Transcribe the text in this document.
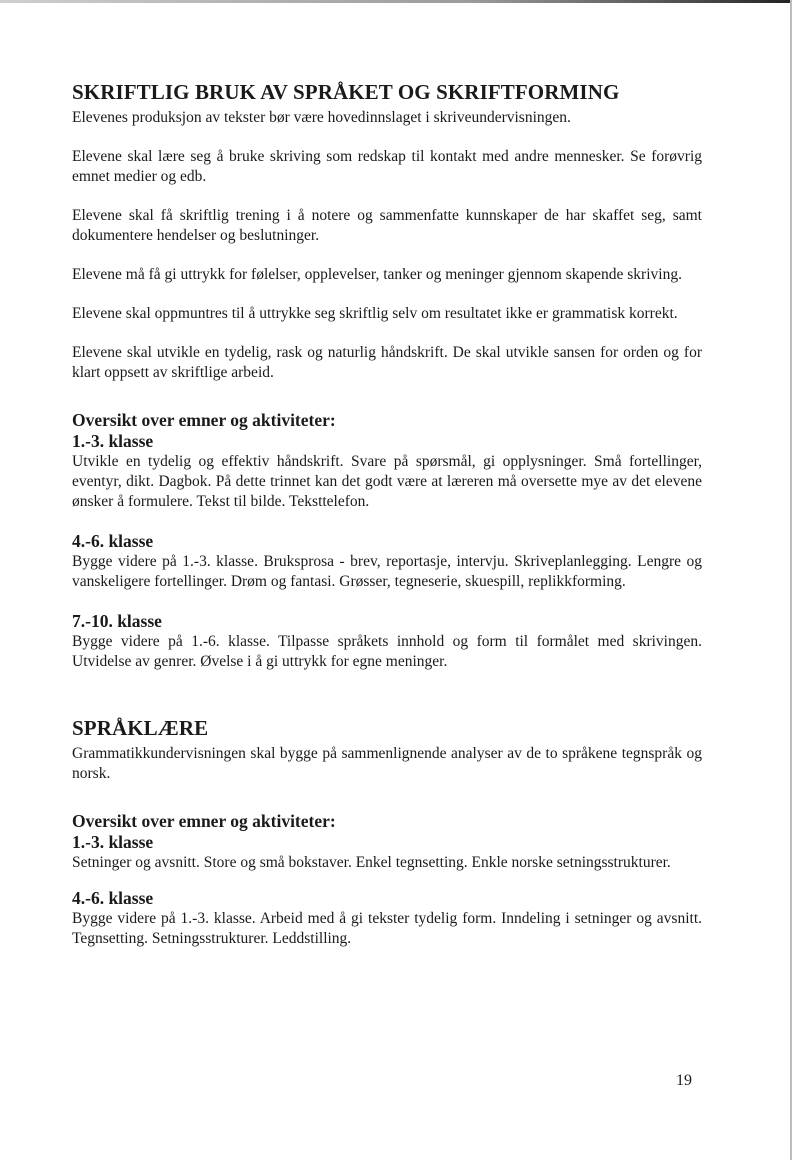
SKRIFTLIG BRUK AV SPRÅKET OG SKRIFTFORMING

Elevenes produksjon av tekster bør være hovedinnslaget i skriveundervisningen.

Elevene skal lære seg å bruke skriving som redskap til kontakt med andre mennesker. Se forøvrig emnet medier og edb.

Elevene skal få skriftlig trening i å notere og sammenfatte kunnskaper de har skaffet seg, samt dokumentere hendelser og beslutninger.

Elevene må få gi uttrykk for følelser, opplevelser, tanker og meninger gjennom skapende skriving.

Elevene skal oppmuntres til å uttrykke seg skriftlig selv om resultatet ikke er grammatisk korrekt.

Elevene skal utvikle en tydelig, rask og naturlig håndskrift. De skal utvikle sansen for orden og for klart oppsett av skriftlige arbeid.

Oversikt over emner og aktiviteter:
1.-3. klasse

Utvikle en tydelig og effektiv håndskrift. Svare på spørsmål, gi opplysninger. Små fortellinger, eventyr, dikt. Dagbok. På dette trinnet kan det godt være at læreren må oversette mye av det elevene ønsker å formulere. Tekst til bilde. Teksttelefon.

4.-6. klasse

Bygge videre på 1.-3. klasse. Bruksprosa - brev, reportasje, intervju. Skriveplanlegging. Lengre og vanskeligere fortellinger. Drøm og fantasi. Grøsser, tegneserie, skuespill, replikkforming.

7.-10. klasse

Bygge videre på 1.-6. klasse. Tilpasse språkets innhold og form til formålet med skrivingen. Utvidelse av genrer. Øvelse i å gi uttrykk for egne meninger.

SPRÅKLÆRE

Grammatikkundervisningen skal bygge på sammenlignende analyser av de to språkene tegnspråk og norsk.

Oversikt over emner og aktiviteter:
1.-3. klasse

Setninger og avsnitt. Store og små bokstaver. Enkel tegnsetting. Enkle norske setningsstrukturer.

4.-6. klasse

Bygge videre på 1.-3. klasse. Arbeid med å gi tekster tydelig form. Inndeling i setninger og avsnitt. Tegnsetting. Setningsstrukturer. Leddstilling.

19
